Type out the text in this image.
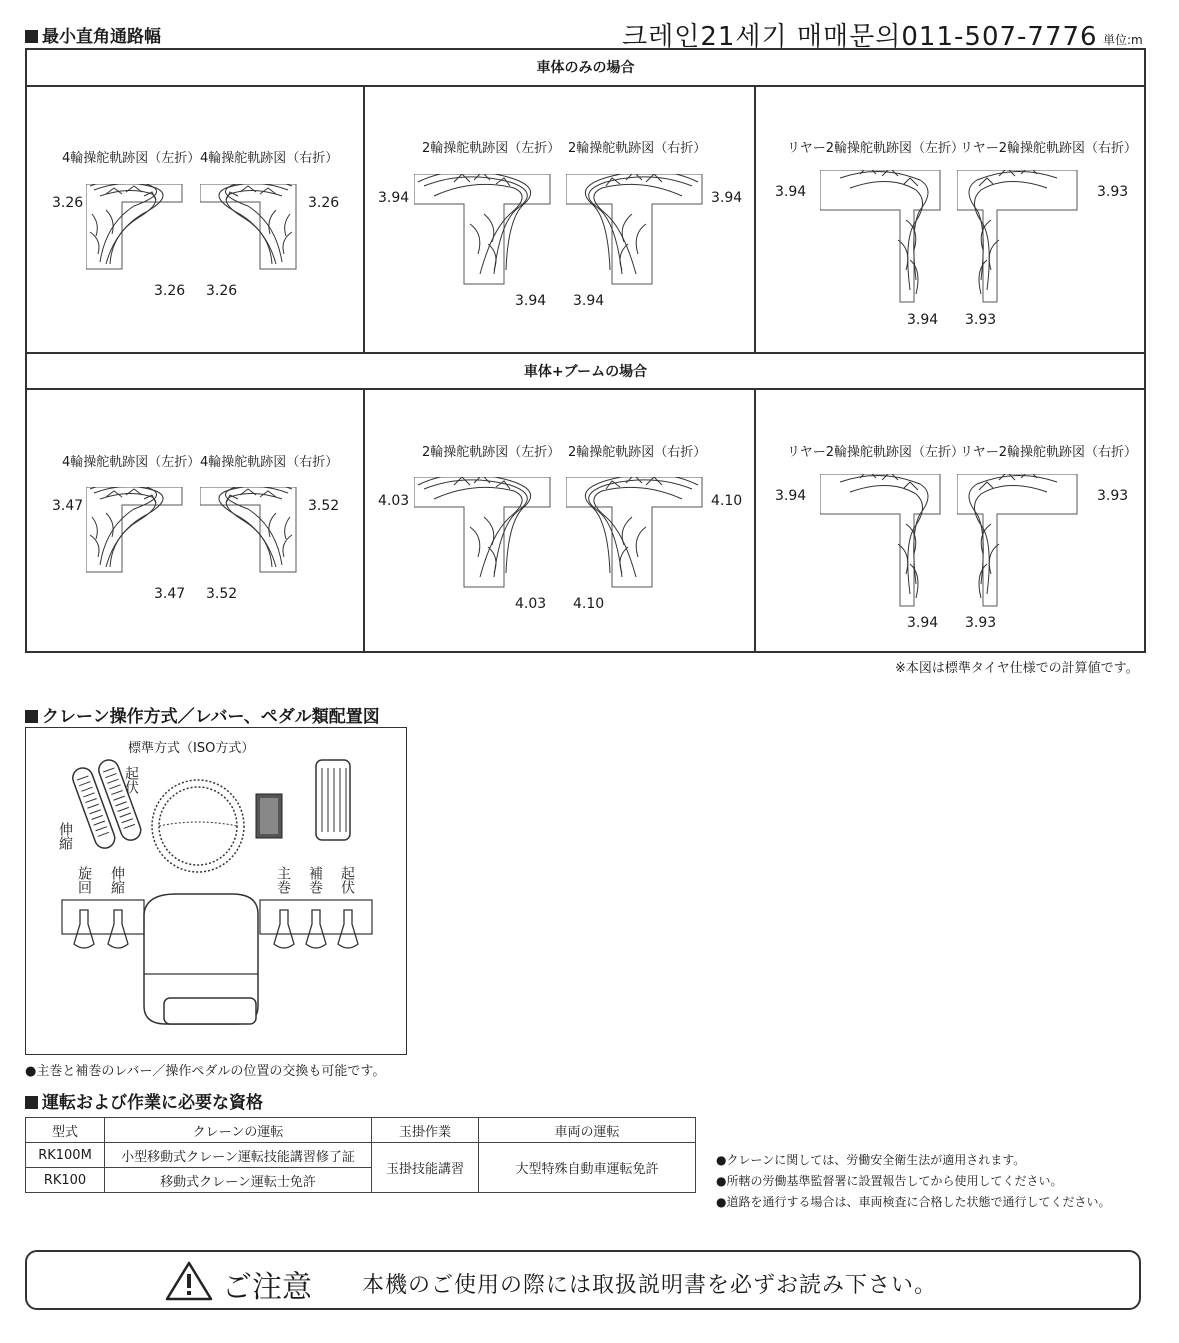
最小直角通路幅	크레인21세기 매매문의011-507-7776 単位:m
車体のみの場合
車体+ブームの場合
4輪操舵軌跡図（左折） 4輪操舵軌跡図（右折）
3.26	3.26
3.26 3.26
2輪操舵軌跡図（左折） 2輪操舵軌跡図（右折）
3.94	3.94
3.94 3.94
リヤー2輪操舵軌跡図（左折）
リヤー2輪操舵軌跡図（右折）
3.94	3.93
3.94 3.93
4輪操舵軌跡図（左折） 4輪操舵軌跡図（右折）
3.47	3.52
3.47 3.52
2輪操舵軌跡図（左折） 2輪操舵軌跡図（右折）
4.03	4.10
4.03 4.10
リヤー2輪操舵軌跡図（左折）
リヤー2輪操舵軌跡図（右折）
3.94	3.93
3.94 3.93
※本図は標準タイヤ仕様での計算値です。
クレーン操作方式／レバー、ペダル類配置図
標準方式（ISO方式）
起伏
伸縮
旋回 伸縮	主巻 補巻 起伏
●主巻と補巻のレバー／操作ペダルの位置の交換も可能です。
運転および作業に必要な資格
型式	クレーンの運転	玉掛作業	車両の運転
RK100M	小型移動式クレーン運転技能講習修了証	玉掛技能講習	大型特殊自動車運転免許
RK100	移動式クレーン運転士免許		
●クレーンに関しては、労働安全衛生法が適用されます。
●所轄の労働基準監督署に設置報告してから使用してください。
●道路を通行する場合は、車両検査に合格した状態で通行してください。
ご注意 本機のご使用の際には取扱説明書を必ずお読み下さい。
